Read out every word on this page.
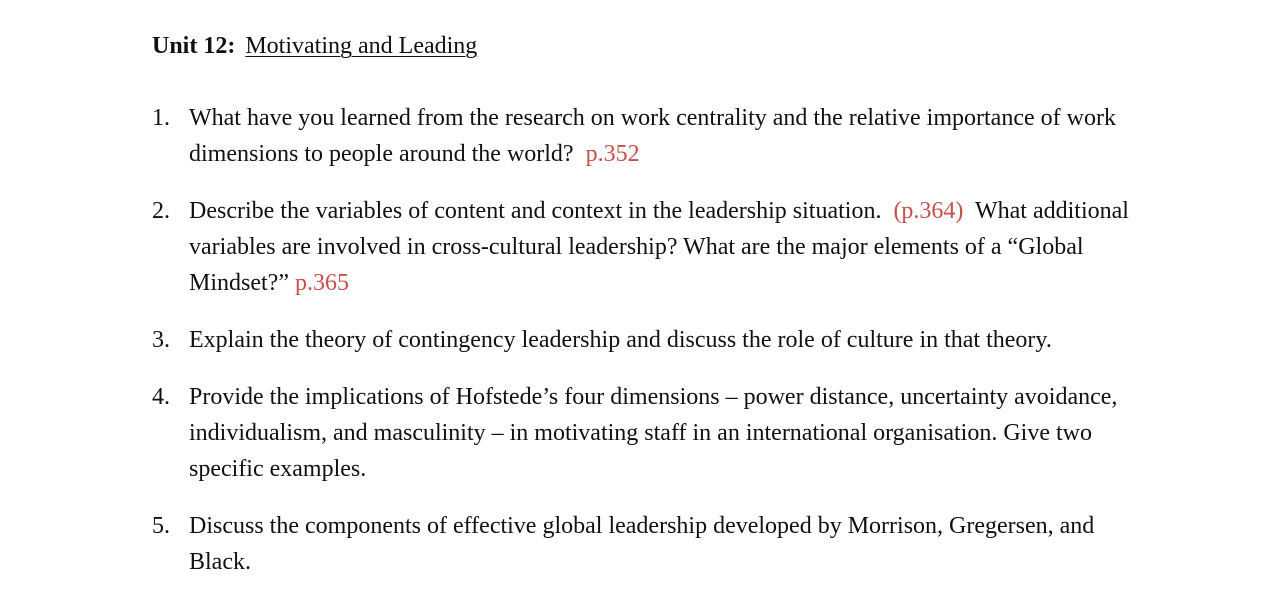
Unit 12: Motivating and Leading
1. What have you learned from the research on work centrality and the relative importance of work dimensions to people around the world? p.352
2. Describe the variables of content and context in the leadership situation. (p.364) What additional variables are involved in cross-cultural leadership? What are the major elements of a “Global Mindset?” p.365
3. Explain the theory of contingency leadership and discuss the role of culture in that theory.
4. Provide the implications of Hofstede’s four dimensions – power distance, uncertainty avoidance, individualism, and masculinity – in motivating staff in an international organisation. Give two specific examples.
5. Discuss the components of effective global leadership developed by Morrison, Gregersen, and Black.
